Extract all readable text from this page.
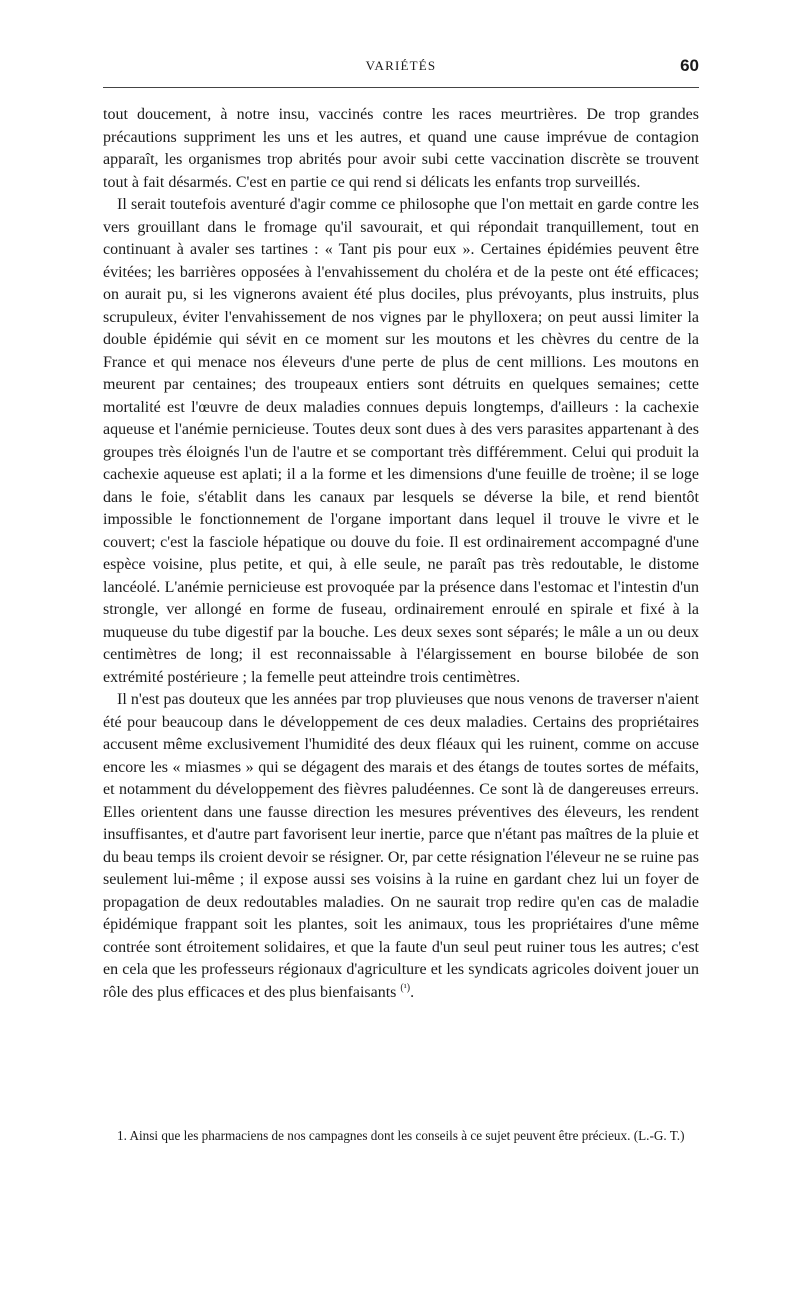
VARIÉTÉS	60

tout doucement, à notre insu, vaccinés contre les races meurtrières. De trop grandes précautions suppriment les uns et les autres, et quand une cause imprévue de contagion apparaît, les organismes trop abrités pour avoir subi cette vaccination discrète se trouvent tout à fait désarmés. C'est en partie ce qui rend si délicats les enfants trop surveillés.

Il serait toutefois aventuré d'agir comme ce philosophe que l'on mettait en garde contre les vers grouillant dans le fromage qu'il savourait, et qui répondait tranquillement, tout en continuant à avaler ses tartines : « Tant pis pour eux ». Certaines épidémies peuvent être évitées; les barrières opposées à l'envahissement du choléra et de la peste ont été efficaces; on aurait pu, si les vignerons avaient été plus dociles, plus prévoyants, plus instruits, plus scrupuleux, éviter l'envahissement de nos vignes par le phylloxera; on peut aussi limiter la double épidémie qui sévit en ce moment sur les moutons et les chèvres du centre de la France et qui menace nos éleveurs d'une perte de plus de cent millions. Les moutons en meurent par centaines; des troupeaux entiers sont détruits en quelques semaines; cette mortalité est l'œuvre de deux maladies connues depuis longtemps, d'ailleurs : la cachexie aqueuse et l'anémie pernicieuse. Toutes deux sont dues à des vers parasites appartenant à des groupes très éloignés l'un de l'autre et se comportant très différemment. Celui qui produit la cachexie aqueuse est aplati; il a la forme et les dimensions d'une feuille de troène; il se loge dans le foie, s'établit dans les canaux par lesquels se déverse la bile, et rend bientôt impossible le fonctionnement de l'organe important dans lequel il trouve le vivre et le couvert; c'est la fasciole hépatique ou douve du foie. Il est ordinairement accompagné d'une espèce voisine, plus petite, et qui, à elle seule, ne paraît pas très redoutable, le distome lancéolé. L'anémie pernicieuse est provoquée par la présence dans l'estomac et l'intestin d'un strongle, ver allongé en forme de fuseau, ordinairement enroulé en spirale et fixé à la muqueuse du tube digestif par la bouche. Les deux sexes sont séparés; le mâle a un ou deux centimètres de long; il est reconnaissable à l'élargissement en bourse bilobée de son extrémité postérieure ; la femelle peut atteindre trois centimètres.

Il n'est pas douteux que les années par trop pluvieuses que nous venons de traverser n'aient été pour beaucoup dans le développement de ces deux maladies. Certains des propriétaires accusent même exclusivement l'humidité des deux fléaux qui les ruinent, comme on accuse encore les « miasmes » qui se dégagent des marais et des étangs de toutes sortes de méfaits, et notamment du développement des fièvres paludéennes. Ce sont là de dangereuses erreurs. Elles orientent dans une fausse direction les mesures préventives des éleveurs, les rendent insuffisantes, et d'autre part favorisent leur inertie, parce que n'étant pas maîtres de la pluie et du beau temps ils croient devoir se résigner. Or, par cette résignation l'éleveur ne se ruine pas seulement lui-même ; il expose aussi ses voisins à la ruine en gardant chez lui un foyer de propagation de deux redoutables maladies. On ne saurait trop redire qu'en cas de maladie épidémique frappant soit les plantes, soit les animaux, tous les propriétaires d'une même contrée sont étroitement solidaires, et que la faute d'un seul peut ruiner tous les autres; c'est en cela que les professeurs régionaux d'agriculture et les syndicats agricoles doivent jouer un rôle des plus efficaces et des plus bienfaisants $^{(^1)}$.

1. Ainsi que les pharmaciens de nos campagnes dont les conseils à ce sujet peuvent être précieux. (L.-G. T.)
